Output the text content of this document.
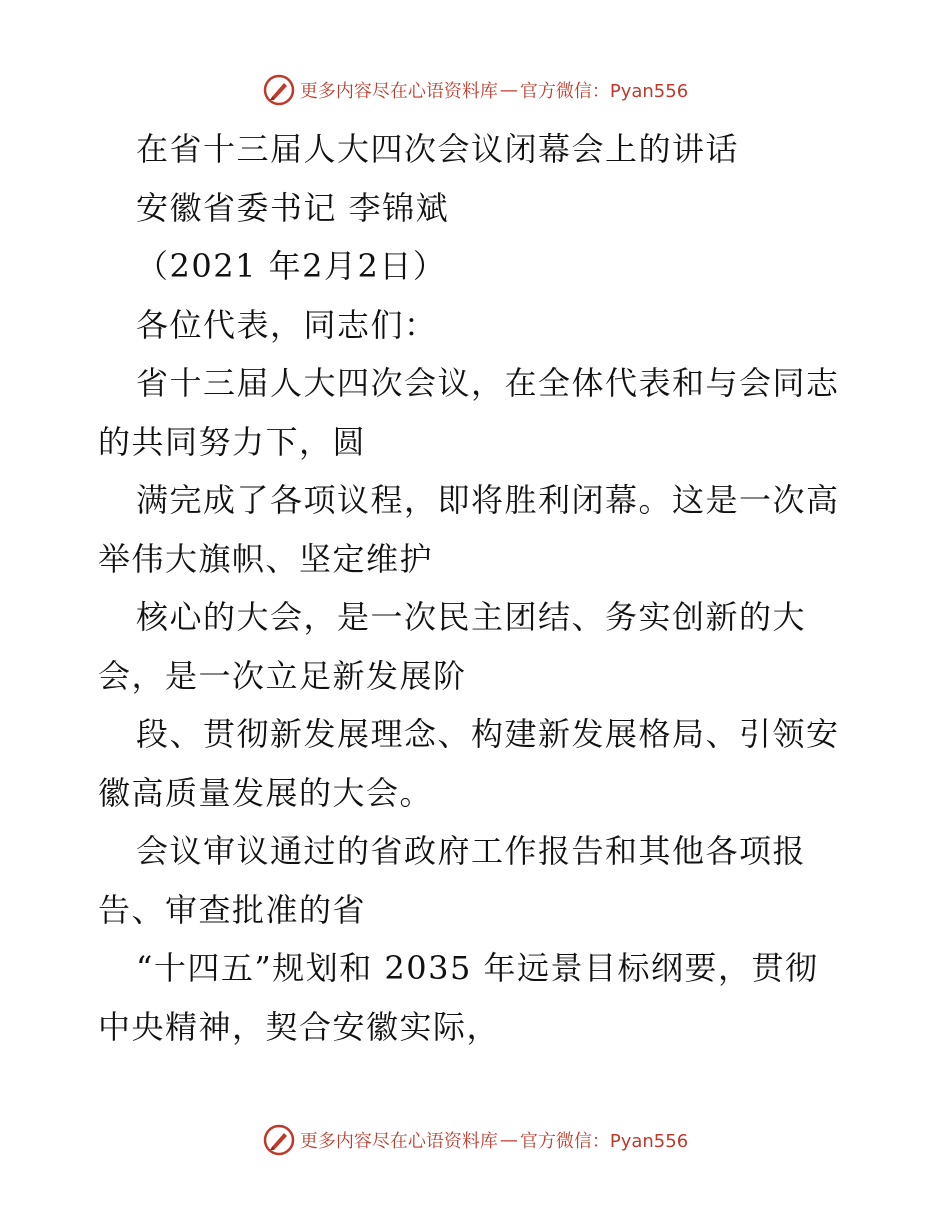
更多内容尽在心语资料库 — 官方微信：Pyan556
在省十三届人大四次会议闭幕会上的讲话
安徽省委书记 李锦斌
（2021 年2月2日）
各位代表，同志们：
省十三届人大四次会议，在全体代表和与会同志
的共同努力下，圆
满完成了各项议程，即将胜利闭幕。这是一次高
举伟大旗帜、坚定维护
核心的大会，是一次民主团结、务实创新的大
会，是一次立足新发展阶
段、贯彻新发展理念、构建新发展格局、引领安
徽高质量发展的大会。
会议审议通过的省政府工作报告和其他各项报
告、审查批准的省
“十四五”规划和 2035 年远景目标纲要，贯彻
中央精神，契合安徽实际，
更多内容尽在心语资料库 — 官方微信：Pyan556
